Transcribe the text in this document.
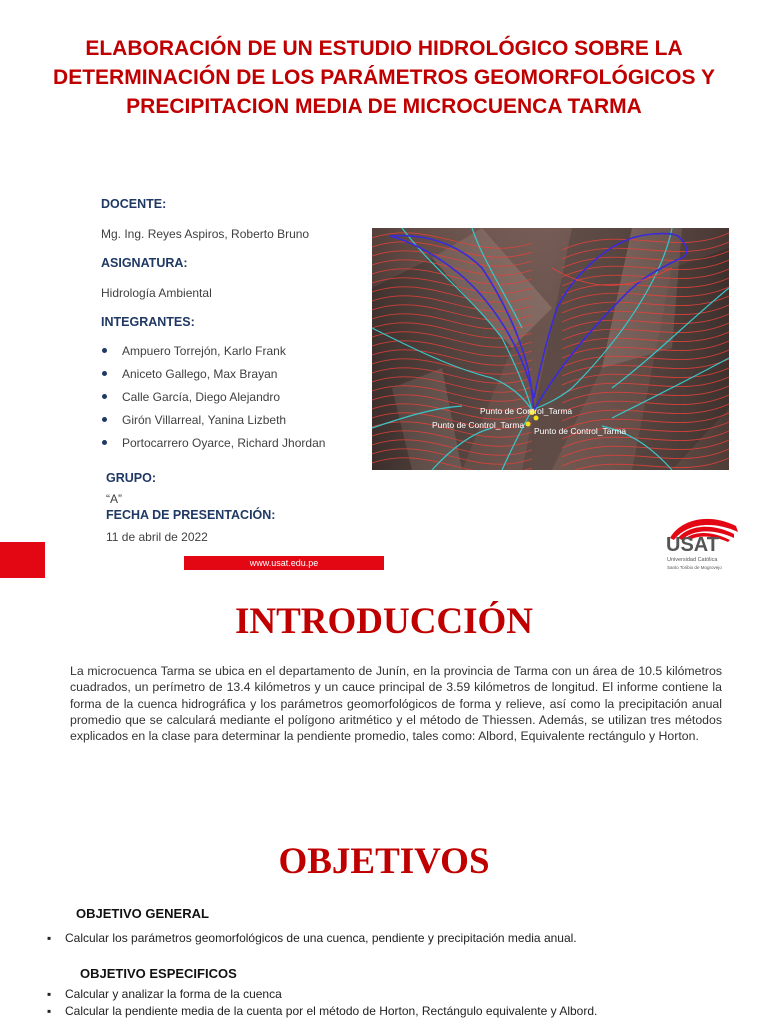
ELABORACIÓN DE UN ESTUDIO HIDROLÓGICO SOBRE LA DETERMINACIÓN DE LOS PARÁMETROS GEOMORFOLÓGICOS Y PRECIPITACION MEDIA DE MICROCUENCA TARMA
DOCENTE:
Mg. Ing. Reyes Aspiros, Roberto Bruno
ASIGNATURA:
Hidrología Ambiental
INTEGRANTES:
Ampuero Torrejón, Karlo Frank
Aniceto Gallego, Max Brayan
Calle García, Diego Alejandro
Girón Villarreal, Yanina Lizbeth
Portocarrero Oyarce, Richard Jhordan
GRUPO:
“A”
FECHA DE PRESENTACIÓN:
11 de abril de 2022
Punto de Control_Tarma
Punto de Control_Tarma
Punto de Control_Tarma
www.usat.edu.pe
USAT
Universidad Católica
Santo Toribio de Mogrovejo
INTRODUCCIÓN

La microcuenca Tarma se ubica en el departamento de Junín, en la provincia de Tarma con un área de 10.5 kilómetros cuadrados, un perímetro de 13.4 kilómetros y un cauce principal de 3.59 kilómetros de longitud. El informe contiene la forma de la cuenca hidrográfica y los parámetros geomorfológicos de forma y relieve, así como la precipitación anual promedio que se calculará mediante el polígono aritmético y el método de Thiessen. Además, se utilizan tres métodos explicados en la clase para determinar la pendiente promedio, tales como: Albord, Equivalente rectángulo y Horton.

OBJETIVOS
OBJETIVO GENERAL
▪ Calcular los parámetros geomorfológicos de una cuenca, pendiente y precipitación media anual.
OBJETIVO ESPECIFICOS
▪ Calcular y analizar la forma de la cuenca
▪ Calcular la pendiente media de la cuenta por el método de Horton, Rectángulo equivalente y Albord.
